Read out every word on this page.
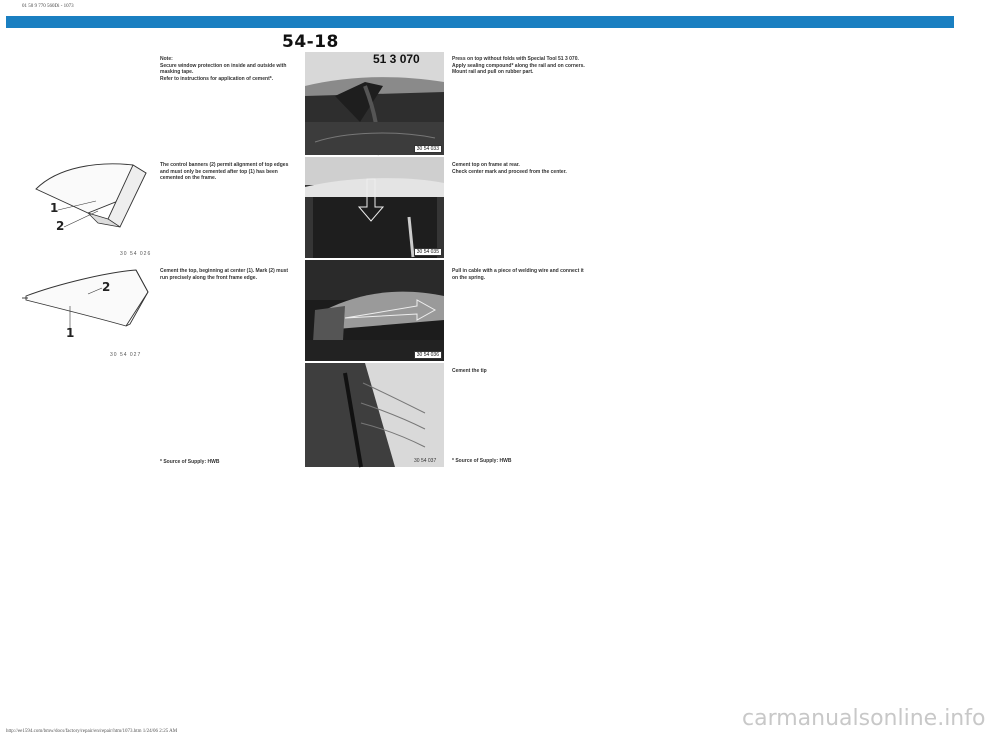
01 50 9 770 560Di - 1073
54-18
Note:
Secure window protection on inside and outside with masking tape.
Refer to instructions for application of cement*.
The control banners (2) permit alignment of top edges and must only be cemented after top (1) has been cemented on the frame.
Cement the top, beginning at center (1). Mark (2) must run precisely along the front frame edge.
* Source of Supply: HWB
1
2
30 54 026
2
1
30 54 027
30 54 033
51 3 070
30 54 035
30 54 036
30 54 037
Press on top without folds with Special Tool 51 3 070.
Apply sealing compound* along the rail and on corners.
Mount rail and pull on rubber part.
Cement top on frame at rear.
Check center mark and proceed from the center.
Pull in cable with a piece of welding wire and connect it on the spring.
Cement the tip
* Source of Supply: HWB
http://ee1594.com/bmw/docs/factory/repair/en/repair/htm/1073.htm 1/24/06 2:25 AM
carmanualsonline.info
